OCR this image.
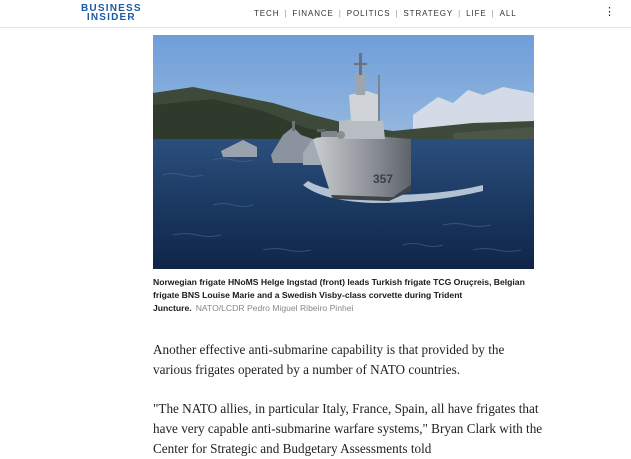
BUSINESS
INSIDER	TECH | FINANCE | POLITICS | STRATEGY | LIFE | ALL	⋮
357
Norwegian frigate HNoMS Helge Ingstad (front) leads Turkish frigate TCG Oruçreis, Belgian frigate BNS Louise Marie and a Swedish Visby-class corvette during Trident Juncture. NATO/LCDR Pedro Miguel Ribeiro Pinhei

Another effective anti-submarine capability is that provided by the various frigates operated by a number of NATO countries.

"The NATO allies, in particular Italy, France, Spain, all have frigates that have very capable anti-submarine warfare systems," Bryan Clark with the Center for Strategic and Budgetary Assessments told
